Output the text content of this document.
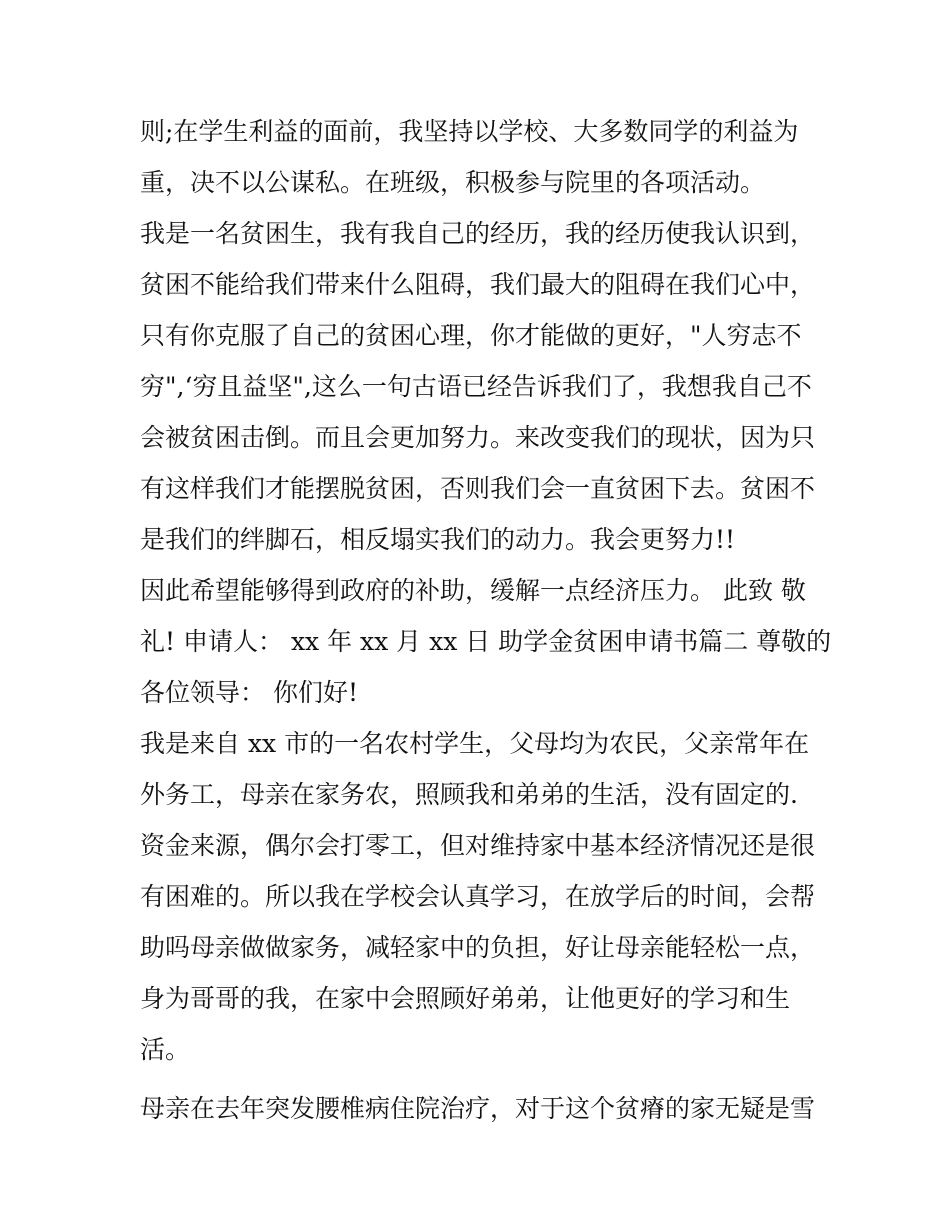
则;在学生利益的面前，我坚持以学校、大多数同学的利益为
重，决不以公谋私。在班级，积极参与院里的各项活动。
我是一名贫困生，我有我自己的经历，我的经历使我认识到，
贫困不能给我们带来什么阻碍，我们最大的阻碍在我们心中，
只有你克服了自己的贫困心理，你才能做的更好，"人穷志不
穷",‘穷且益坚",这么一句古语已经告诉我们了，我想我自己不
会被贫困击倒。而且会更加努力。来改变我们的现状，因为只
有这样我们才能摆脱贫困，否则我们会一直贫困下去。贫困不
是我们的绊脚石，相反塌实我们的动力。我会更努力!!
因此希望能够得到政府的补助，缓解一点经济压力。 此致 敬
礼! 申请人： xx 年 xx 月 xx 日 助学金贫困申请书篇二 尊敬的
各位领导： 你们好!
我是来自 xx 市的一名农村学生，父母均为农民，父亲常年在
外务工，母亲在家务农，照顾我和弟弟的生活，没有固定的.
资金来源，偶尔会打零工，但对维持家中基本经济情况还是很
有困难的。所以我在学校会认真学习，在放学后的时间，会帮
助吗母亲做做家务，减轻家中的负担，好让母亲能轻松一点，
身为哥哥的我，在家中会照顾好弟弟，让他更好的学习和生
活。
母亲在去年突发腰椎病住院治疗，对于这个贫瘠的家无疑是雪
